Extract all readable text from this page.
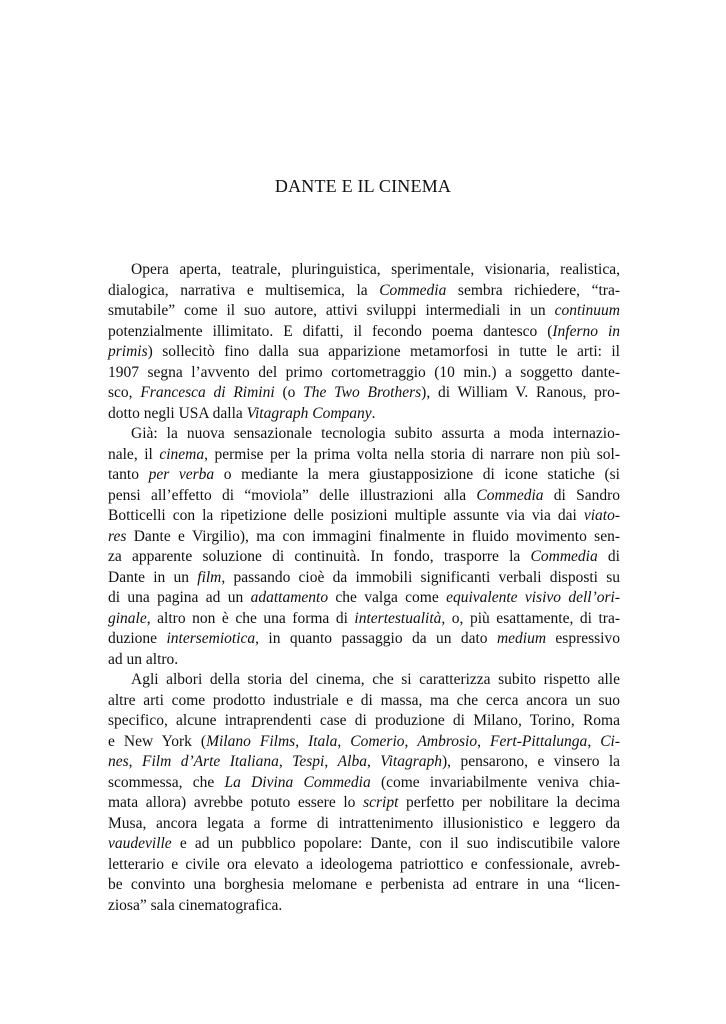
DANTE E IL CINEMA
Opera aperta, teatrale, pluringuistica, sperimentale, visionaria, realistica,
dialogica, narrativa e multisemica, la Commedia sembra richiedere, “tra-
smutabile” come il suo autore, attivi sviluppi intermediali in un continuum
potenzialmente illimitato. E difatti, il fecondo poema dantesco (Inferno in
primis) sollecitò fino dalla sua apparizione metamorfosi in tutte le arti: il
1907 segna l’avvento del primo cortometraggio (10 min.) a soggetto dante-
sco, Francesca di Rimini (o The Two Brothers), di William V. Ranous, pro-
dotto negli USA dalla Vitagraph Company.
Già: la nuova sensazionale tecnologia subito assurta a moda internazio-
nale, il cinema, permise per la prima volta nella storia di narrare non più sol-
tanto per verba o mediante la mera giustapposizione di icone statiche (si
pensi all’effetto di “moviola” delle illustrazioni alla Commedia di Sandro
Botticelli con la ripetizione delle posizioni multiple assunte via via dai viato-
res Dante e Virgilio), ma con immagini finalmente in fluido movimento sen-
za apparente soluzione di continuità. In fondo, trasporre la Commedia di
Dante in un film, passando cioè da immobili significanti verbali disposti su
di una pagina ad un adattamento che valga come equivalente visivo dell’ori-
ginale, altro non è che una forma di intertestualità, o, più esattamente, di tra-
duzione intersemiotica, in quanto passaggio da un dato medium espressivo
ad un altro.
Agli albori della storia del cinema, che si caratterizza subito rispetto alle
altre arti come prodotto industriale e di massa, ma che cerca ancora un suo
specifico, alcune intraprendenti case di produzione di Milano, Torino, Roma
e New York (Milano Films, Itala, Comerio, Ambrosio, Fert-Pittalunga, Ci-
nes, Film d’Arte Italiana, Tespi, Alba, Vitagraph), pensarono, e vinsero la
scommessa, che La Divina Commedia (come invariabilmente veniva chia-
mata allora) avrebbe potuto essere lo script perfetto per nobilitare la decima
Musa, ancora legata a forme di intrattenimento illusionistico e leggero da
vaudeville e ad un pubblico popolare: Dante, con il suo indiscutibile valore
letterario e civile ora elevato a ideologema patriottico e confessionale, avreb-
be convinto una borghesia melomane e perbenista ad entrare in una “licen-
ziosa” sala cinematografica.
